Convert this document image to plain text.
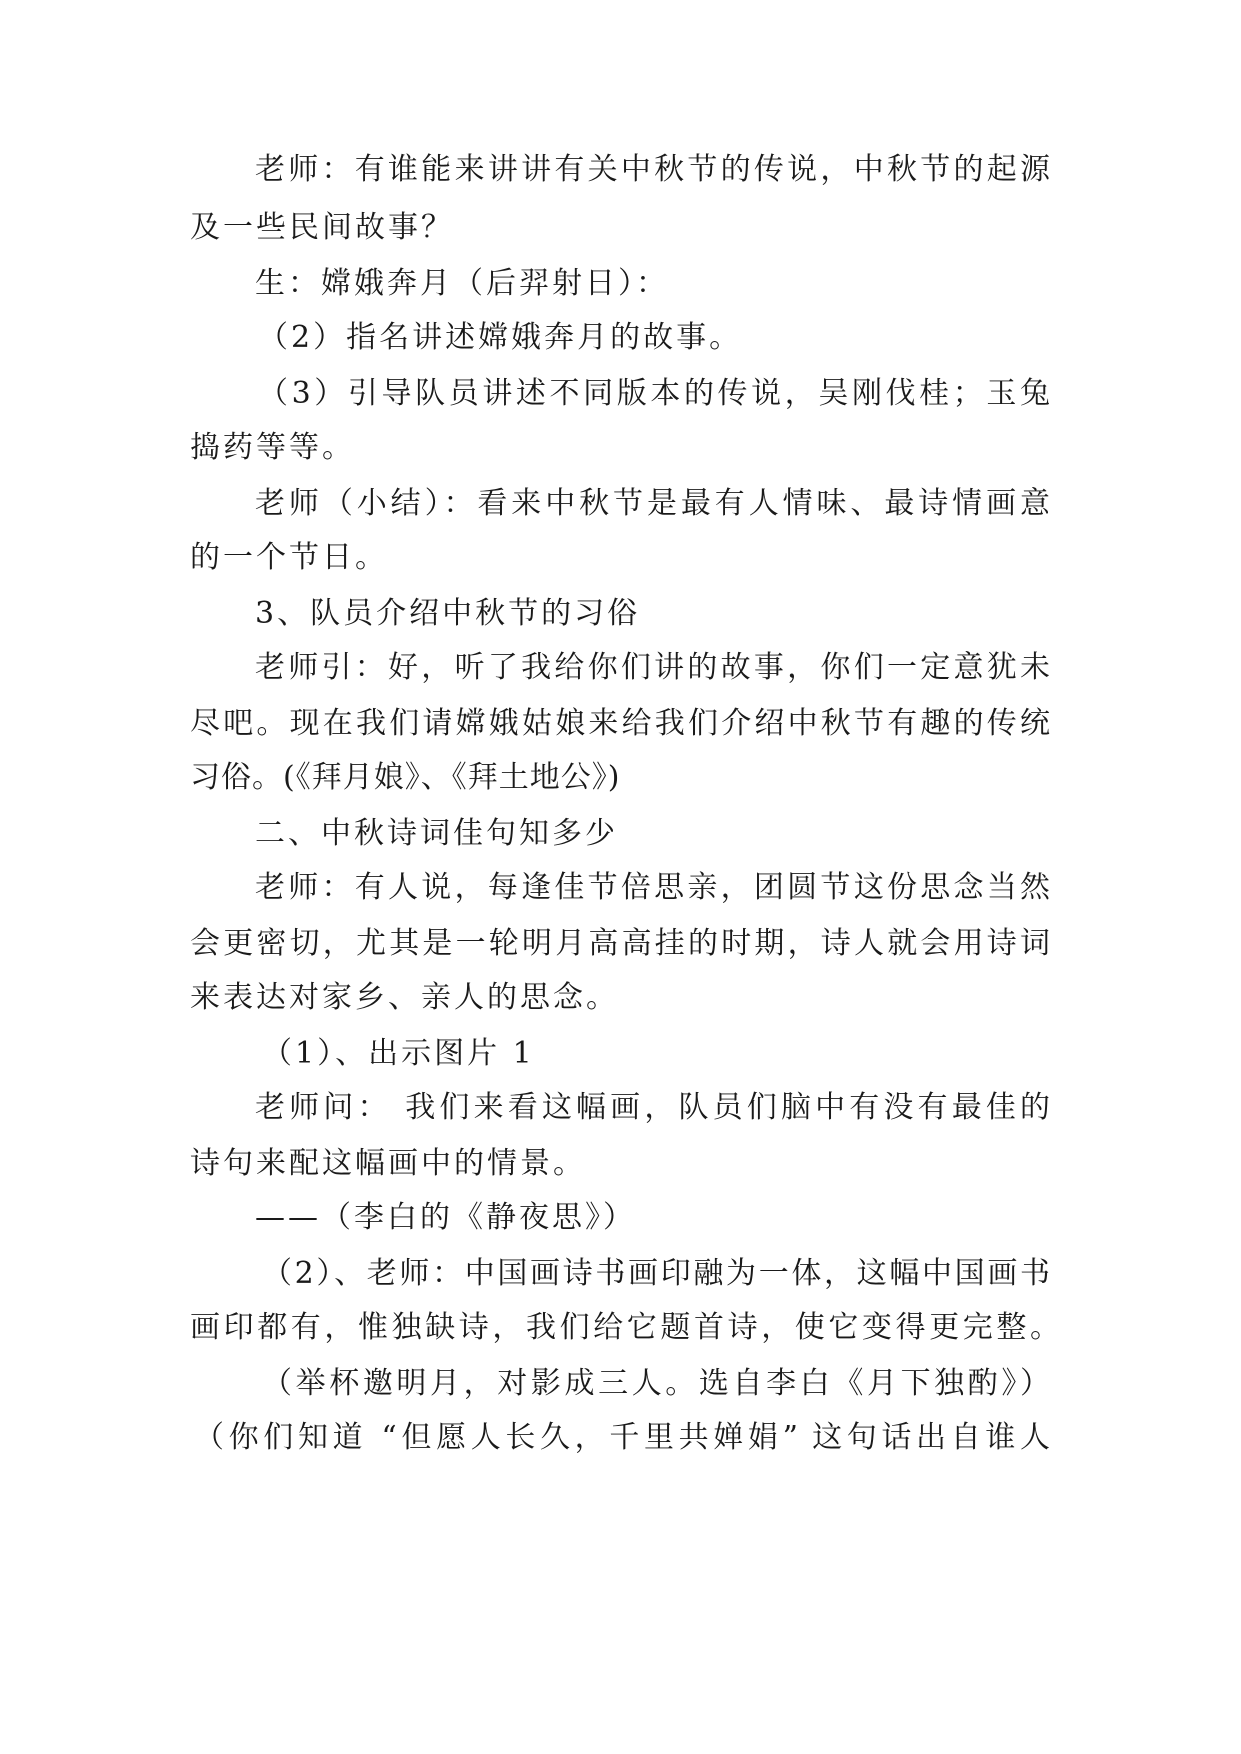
老师：有谁能来讲讲有关中秋节的传说，中秋节的起源
及一些民间故事？
生：嫦娥奔月（后羿射日）：
（2）指名讲述嫦娥奔月的故事。
（3）引导队员讲述不同版本的传说，吴刚伐桂；玉兔
捣药等等。
老师（小结）：看来中秋节是最有人情味、最诗情画意
的一个节日。
3、队员介绍中秋节的习俗
老师引：好，听了我给你们讲的故事，你们一定意犹未
尽吧。现在我们请嫦娥姑娘来给我们介绍中秋节有趣的传统
习俗。(《拜月娘》、《拜土地公》)
二、中秋诗词佳句知多少
老师：有人说，每逢佳节倍思亲，团圆节这份思念当然
会更密切，尤其是一轮明月高高挂的时期，诗人就会用诗词
来表达对家乡、亲人的思念。
（1）、出示图片 1
老师问： 我们来看这幅画，队员们脑中有没有最佳的
诗句来配这幅画中的情景。
——（李白的《静夜思》）
（2）、老师：中国画诗书画印融为一体，这幅中国画书
画印都有，惟独缺诗，我们给它题首诗，使它变得更完整。
（举杯邀明月，对影成三人。选自李白《月下独酌》）
（你们知道 “但愿人长久，千里共婵娟” 这句话出自谁人
